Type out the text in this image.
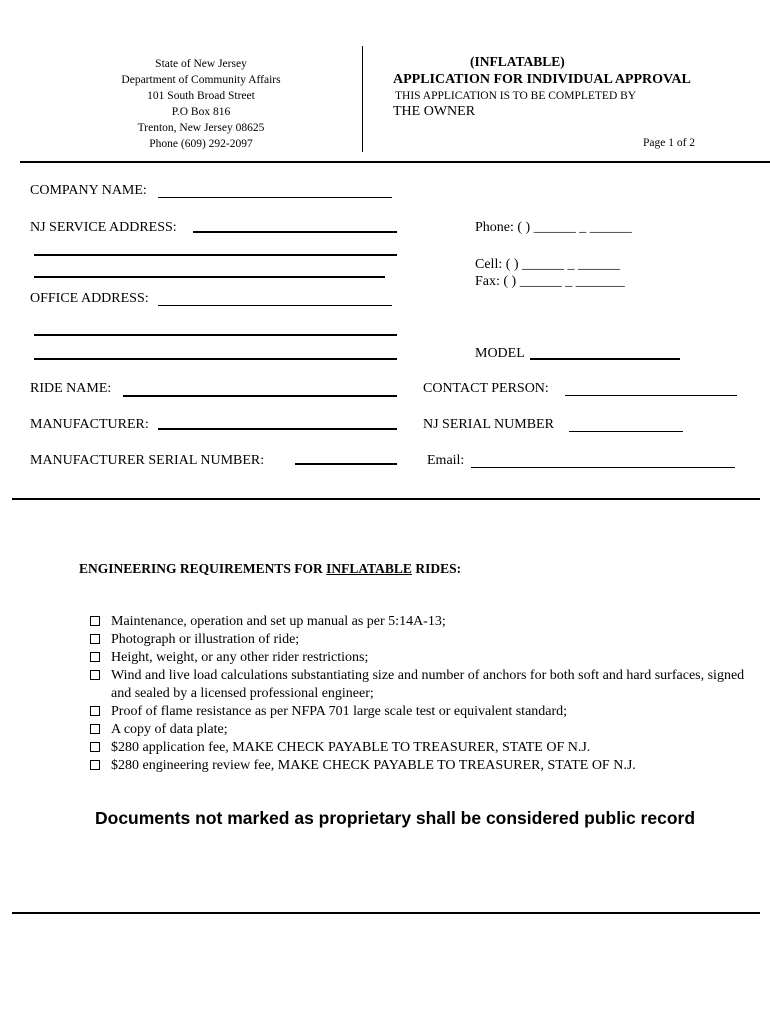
State of New Jersey
Department of Community Affairs
101 South Broad Street
P.O Box 816
Trenton, New Jersey 08625
Phone (609) 292-2097
(INFLATABLE)
APPLICATION FOR INDIVIDUAL APPROVAL
THIS APPLICATION IS TO BE COMPLETED BY
THE OWNER
Page 1 of 2
COMPANY NAME:
NJ SERVICE ADDRESS:
OFFICE ADDRESS:
RIDE NAME:
MANUFACTURER:
MANUFACTURER SERIAL NUMBER:
Phone: ( ) ______ _ ______
Cell: ( ) ______ _ ______
Fax: ( ) ______ _ _______
MODEL
CONTACT PERSON:
NJ SERIAL NUMBER
Email:
ENGINEERING REQUIREMENTS FOR INFLATABLE RIDES:
Maintenance, operation and set up manual as per 5:14A-13;
Photograph or illustration of ride;
Height, weight, or any other rider restrictions;
Wind and live load calculations substantiating size and number of anchors for both soft and hard surfaces, signed and sealed by a licensed professional engineer;
Proof of flame resistance as per NFPA 701 large scale test or equivalent standard;
A copy of data plate;
$280 application fee, MAKE CHECK PAYABLE TO TREASURER, STATE OF N.J.
$280 engineering review fee, MAKE CHECK PAYABLE TO TREASURER, STATE OF N.J.
Documents not marked as proprietary shall be considered public record
